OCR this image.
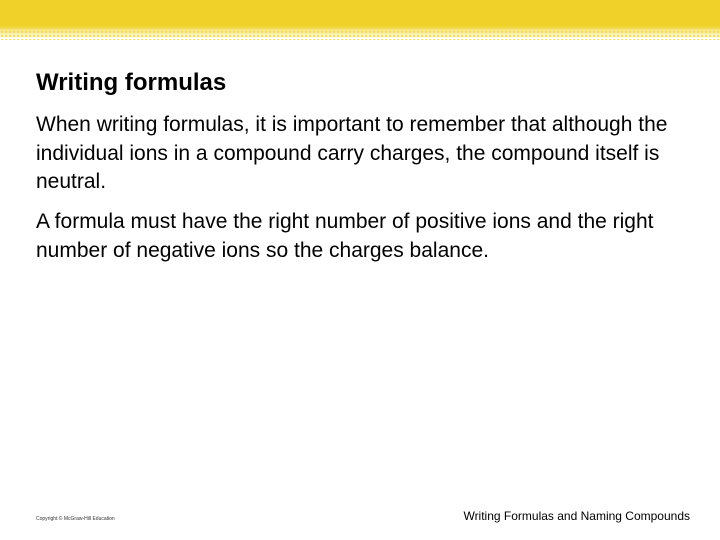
Writing formulas

When writing formulas, it is important to remember that although the individual ions in a compound carry charges, the compound itself is neutral.

A formula must have the right number of positive ions and the right number of negative ions so the charges balance.

Copyright © McGraw-Hill Education	Writing Formulas and Naming Compounds
